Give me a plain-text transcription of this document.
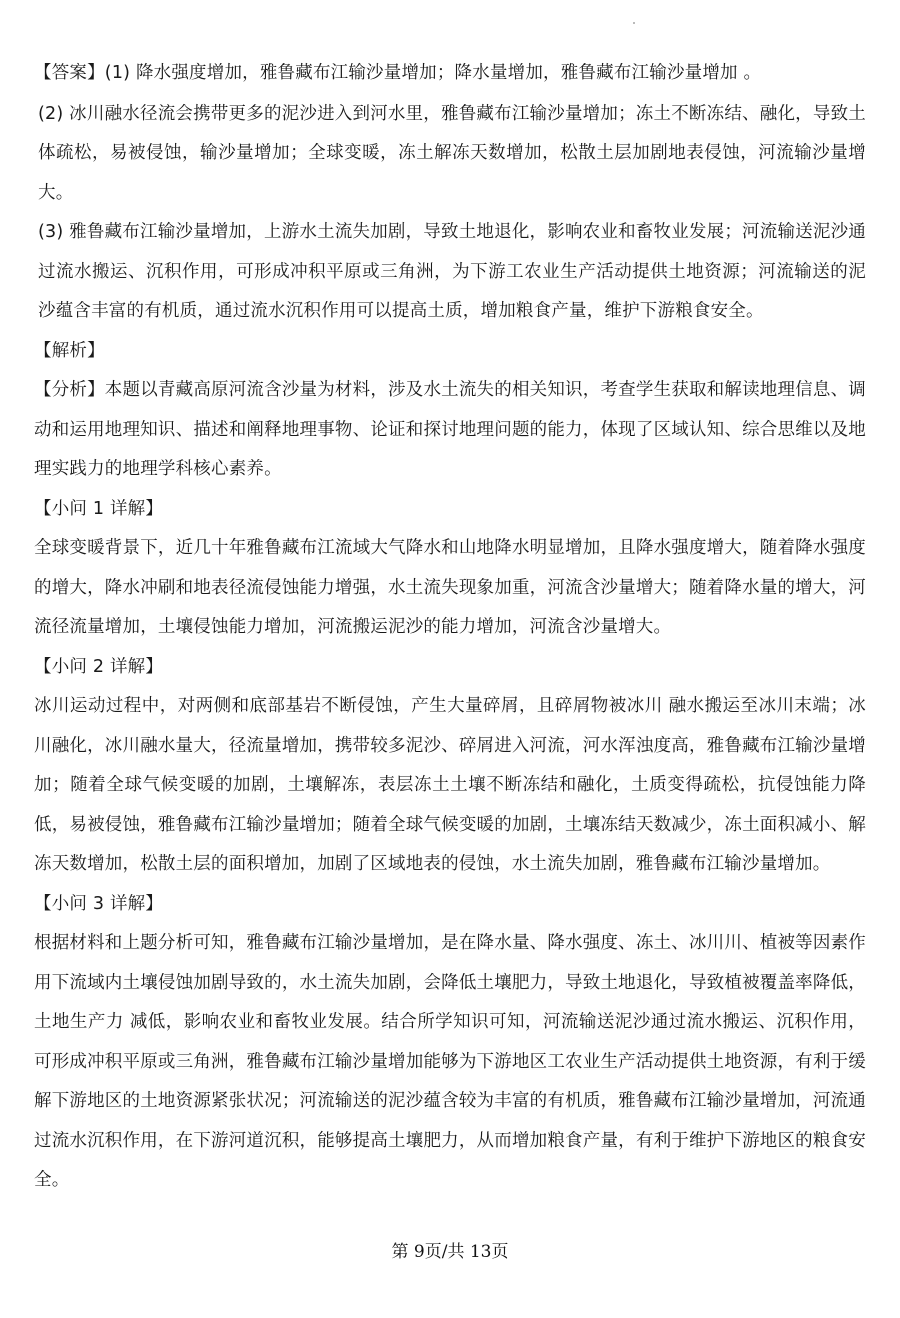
【答案】(1) 降水强度增加，雅鲁藏布江输沙量增加；降水量增加，雅鲁藏布江输沙量增加 。

(2) 冰川融水径流会携带更多的泥沙进入到河水里，雅鲁藏布江输沙量增加；冻土不断冻结、融化，导致土体疏松，易被侵蚀，输沙量增加；全球变暖，冻土解冻天数增加，松散土层加剧地表侵蚀，河流输沙量增大。

(3) 雅鲁藏布江输沙量增加，上游水土流失加剧，导致土地退化，影响农业和畜牧业发展；河流输送泥沙通过流水搬运、沉积作用，可形成冲积平原或三角洲，为下游工农业生产活动提供土地资源；河流输送的泥沙蕴含丰富的有机质，通过流水沉积作用可以提高土质，增加粮食产量，维护下游粮食安全。

【解析】

【分析】本题以青藏高原河流含沙量为材料，涉及水土流失的相关知识，考查学生获取和解读地理信息、调动和运用地理知识、描述和阐释地理事物、论证和探讨地理问题的能力，体现了区域认知、综合思维以及地理实践力的地理学科核心素养。

【小问 1 详解】

全球变暖背景下，近几十年雅鲁藏布江流域大气降水和山地降水明显增加，且降水强度增大，随着降水强度的增大，降水冲刷和地表径流侵蚀能力增强，水土流失现象加重，河流含沙量增大；随着降水量的增大，河流径流量增加，土壤侵蚀能力增加，河流搬运泥沙的能力增加，河流含沙量增大。

【小问 2 详解】

冰川运动过程中，对两侧和底部基岩不断侵蚀，产生大量碎屑，且碎屑物被冰川 融水搬运至冰川末端；冰川融化，冰川融水量大，径流量增加，携带较多泥沙、碎屑进入河流，河水浑浊度高，雅鲁藏布江输沙量增加；随着全球气候变暖的加剧，土壤解冻，表层冻土土壤不断冻结和融化，土质变得疏松，抗侵蚀能力降低，易被侵蚀，雅鲁藏布江输沙量增加；随着全球气候变暖的加剧，土壤冻结天数减少，冻土面积减小、解冻天数增加，松散土层的面积增加，加剧了区域地表的侵蚀，水土流失加剧，雅鲁藏布江输沙量增加。

【小问 3 详解】

根据材料和上题分析可知，雅鲁藏布江输沙量增加，是在降水量、降水强度、冻土、冰川川、植被等因素作用下流域内土壤侵蚀加剧导致的，水土流失加剧，会降低土壤肥力，导致土地退化，导致植被覆盖率降低，土地生产力 减低，影响农业和畜牧业发展。结合所学知识可知，河流输送泥沙通过流水搬运、沉积作用，可形成冲积平原或三角洲，雅鲁藏布江输沙量增加能够为下游地区工农业生产活动提供土地资源，有利于缓解下游地区的土地资源紧张状况；河流输送的泥沙蕴含较为丰富的有机质，雅鲁藏布江输沙量增加，河流通过流水沉积作用，在下游河道沉积，能够提高土壤肥力，从而增加粮食产量，有利于维护下游地区的粮食安全。

第 9页/共 13页
